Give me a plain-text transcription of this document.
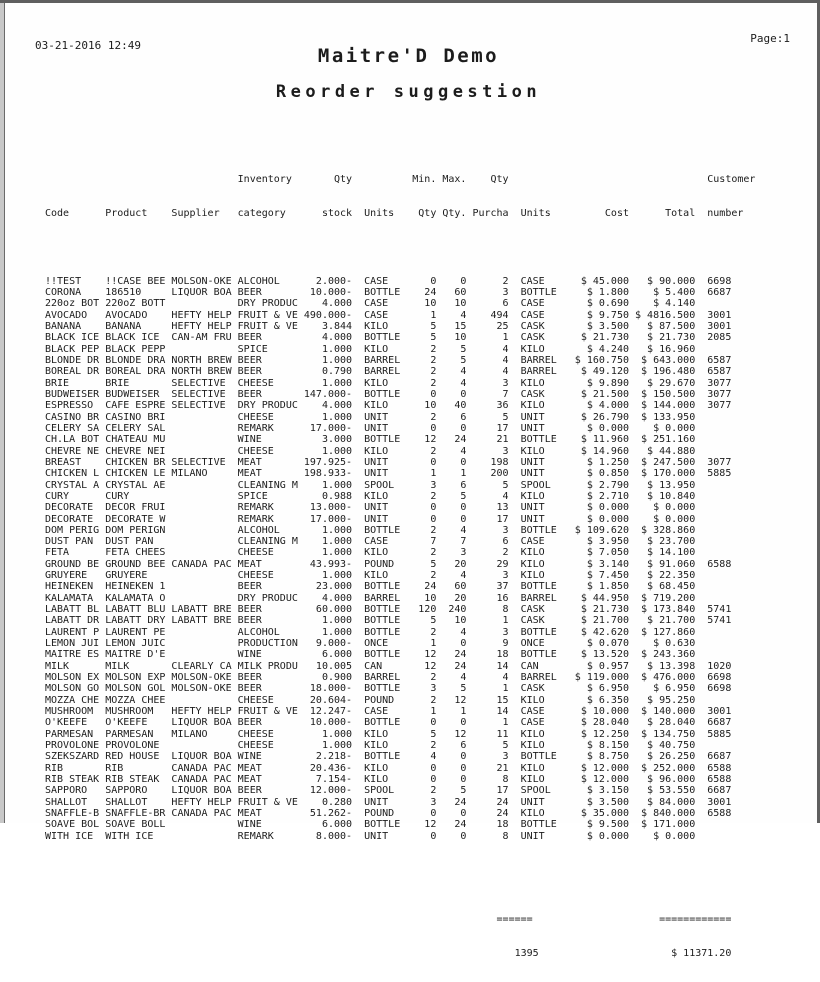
03-21-2016 12:49
Page:1
Maitre'D Demo
Reorder suggestion

Inventory       Qty          Min. Max.    Qty                                 Customer

Code      Product    Supplier   category      stock  Units    Qty Qty. Purcha  Units         Cost      Total  number

!!TEST    !!CASE BEE MOLSON-OKE ALCOHOL      2.000-  CASE       0    0      2  CASE      $ 45.000   $ 90.000  6698
CORONA    186510     LIQUOR BOA BEER        10.000-  BOTTLE    24   60      3  BOTTLE     $ 1.800    $ 5.400  6687
220oz BOT 220oZ BOTT            DRY PRODUC    4.000  CASE      10   10      6  CASE       $ 0.690    $ 4.140
AVOCADO   AVOCADO    HEFTY HELP FRUIT & VE 490.000-  CASE       1    4    494  CASE       $ 9.750 $ 4816.500  3001
BANANA    BANANA     HEFTY HELP FRUIT & VE    3.844  KILO       5   15     25  CASK       $ 3.500   $ 87.500  3001
BLACK ICE BLACK ICE  CAN-AM FRU BEER          4.000  BOTTLE     5   10      1  CASK      $ 21.730   $ 21.730  2085
BLACK PEP BLACK PEPP            SPICE         1.000  KILO       2    5      4  KILO       $ 4.240   $ 16.960
BLONDE DR BLONDE DRA NORTH BREW BEER          1.000  BARREL     2    5      4  BARREL   $ 160.750  $ 643.000  6587
BOREAL DR BOREAL DRA NORTH BREW BEER          0.790  BARREL     2    4      4  BARREL    $ 49.120  $ 196.480  6587
BRIE      BRIE       SELECTIVE  CHEESE        1.000  KILO       2    4      3  KILO       $ 9.890   $ 29.670  3077
BUDWEISER BUDWEISER  SELECTIVE  BEER       147.000-  BOTTLE     0    0      7  CASK      $ 21.500  $ 150.500  3077
ESPRESSO  CAFE ESPRE SELECTIVE  DRY PRODUC    4.000  KILO      10   40     36  KILO       $ 4.000  $ 144.000  3077
CASINO BR CASINO BRI            CHEESE        1.000  UNIT       2    6      5  UNIT      $ 26.790  $ 133.950
CELERY SA CELERY SAL            REMARK      17.000-  UNIT       0    0     17  UNIT       $ 0.000    $ 0.000
CH.LA BOT CHATEAU MU            WINE          3.000  BOTTLE    12   24     21  BOTTLE    $ 11.960  $ 251.160
CHEVRE NE CHEVRE NEI            CHEESE        1.000  KILO       2    4      3  KILO      $ 14.960   $ 44.880
BREAST    CHICKEN BR SELECTIVE  MEAT       197.925-  UNIT       0    0    198  UNIT       $ 1.250  $ 247.500  3077
CHICKEN L CHICKEN LE MILANO     MEAT       198.933-  UNIT       1    1    200  UNIT       $ 0.850  $ 170.000  5885
CRYSTAL A CRYSTAL AE            CLEANING M    1.000  SPOOL      3    6      5  SPOOL      $ 2.790   $ 13.950
CURY      CURY                  SPICE         0.988  KILO       2    5      4  KILO       $ 2.710   $ 10.840
DECORATE  DECOR FRUI            REMARK      13.000-  UNIT       0    0     13  UNIT       $ 0.000    $ 0.000
DECORATE  DECORATE W            REMARK      17.000-  UNIT       0    0     17  UNIT       $ 0.000    $ 0.000
DOM PERIG DOM PERIGN            ALCOHOL       1.000  BOTTLE     2    4      3  BOTTLE   $ 109.620  $ 328.860
DUST PAN  DUST PAN              CLEANING M    1.000  CASE       7    7      6  CASE       $ 3.950   $ 23.700
FETA      FETA CHEES            CHEESE        1.000  KILO       2    3      2  KILO       $ 7.050   $ 14.100
GROUND BE GROUND BEE CANADA PAC MEAT        43.993-  POUND      5   20     29  KILO       $ 3.140   $ 91.060  6588
GRUYERE   GRUYERE               CHEESE        1.000  KILO       2    4      3  KILO       $ 7.450   $ 22.350
HEINEKEN  HEINEKEN 1            BEER         23.000  BOTTLE    24   60     37  BOTTLE     $ 1.850   $ 68.450
KALAMATA  KALAMATA O            DRY PRODUC    4.000  BARREL    10   20     16  BARREL    $ 44.950  $ 719.200
LABATT BL LABATT BLU LABATT BRE BEER         60.000  BOTTLE   120  240      8  CASK      $ 21.730  $ 173.840  5741
LABATT DR LABATT DRY LABATT BRE BEER          1.000  BOTTLE     5   10      1  CASK      $ 21.700   $ 21.700  5741
LAURENT P LAURENT PE            ALCOHOL       1.000  BOTTLE     2    4      3  BOTTLE    $ 42.620  $ 127.860
LEMON JUI LEMON JUIC            PRODUCTION   9.000-  ONCE       1    0      9  ONCE       $ 0.070    $ 0.630
MAITRE ES MAITRE D'E            WINE          6.000  BOTTLE    12   24     18  BOTTLE    $ 13.520  $ 243.360
MILK      MILK       CLEARLY CA MILK PRODU   10.005  CAN       12   24     14  CAN        $ 0.957   $ 13.398  1020
MOLSON EX MOLSON EXP MOLSON-OKE BEER          0.900  BARREL     2    4      4  BARREL   $ 119.000  $ 476.000  6698
MOLSON GO MOLSON GOL MOLSON-OKE BEER        18.000-  BOTTLE     3    5      1  CASK       $ 6.950    $ 6.950  6698
MOZZA CHE MOZZA CHEE            CHEESE      20.604-  POUND      2   12     15  KILO       $ 6.350   $ 95.250
MUSHROOM  MUSHROOM   HEFTY HELP FRUIT & VE  12.247-  CASE       1    1     14  CASE      $ 10.000  $ 140.000  3001
O'KEEFE   O'KEEFE    LIQUOR BOA BEER        10.000-  BOTTLE     0    0      1  CASE      $ 28.040   $ 28.040  6687
PARMESAN  PARMESAN   MILANO     CHEESE        1.000  KILO       5   12     11  KILO      $ 12.250  $ 134.750  5885
PROVOLONE PROVOLONE             CHEESE        1.000  KILO       2    6      5  KILO       $ 8.150   $ 40.750
SZEKSZARD RED HOUSE  LIQUOR BOA WINE         2.218-  BOTTLE     4    0      3  BOTTLE     $ 8.750   $ 26.250  6687
RIB       RIB        CANADA PAC MEAT        20.436-  KILO       0    0     21  KILO      $ 12.000  $ 252.000  6588
RIB STEAK RIB STEAK  CANADA PAC MEAT         7.154-  KILO       0    0      8  KILO      $ 12.000   $ 96.000  6588
SAPPORO   SAPPORO    LIQUOR BOA BEER        12.000-  SPOOL      2    5     17  SPOOL      $ 3.150   $ 53.550  6687
SHALLOT   SHALLOT    HEFTY HELP FRUIT & VE    0.280  UNIT       3   24     24  UNIT       $ 3.500   $ 84.000  3001
SNAFFLE-B SNAFFLE-BR CANADA PAC MEAT        51.262-  POUND      0    0     24  KILO      $ 35.000  $ 840.000  6588
SOAVE BOL SOAVE BOLL            WINE          6.000  BOTTLE    12   24     18  BOTTLE     $ 9.500  $ 171.000
WITH ICE  WITH ICE              REMARK       8.000-  UNIT       0    0      8  UNIT       $ 0.000    $ 0.000

======                     ============

1395                      $ 11371.20
